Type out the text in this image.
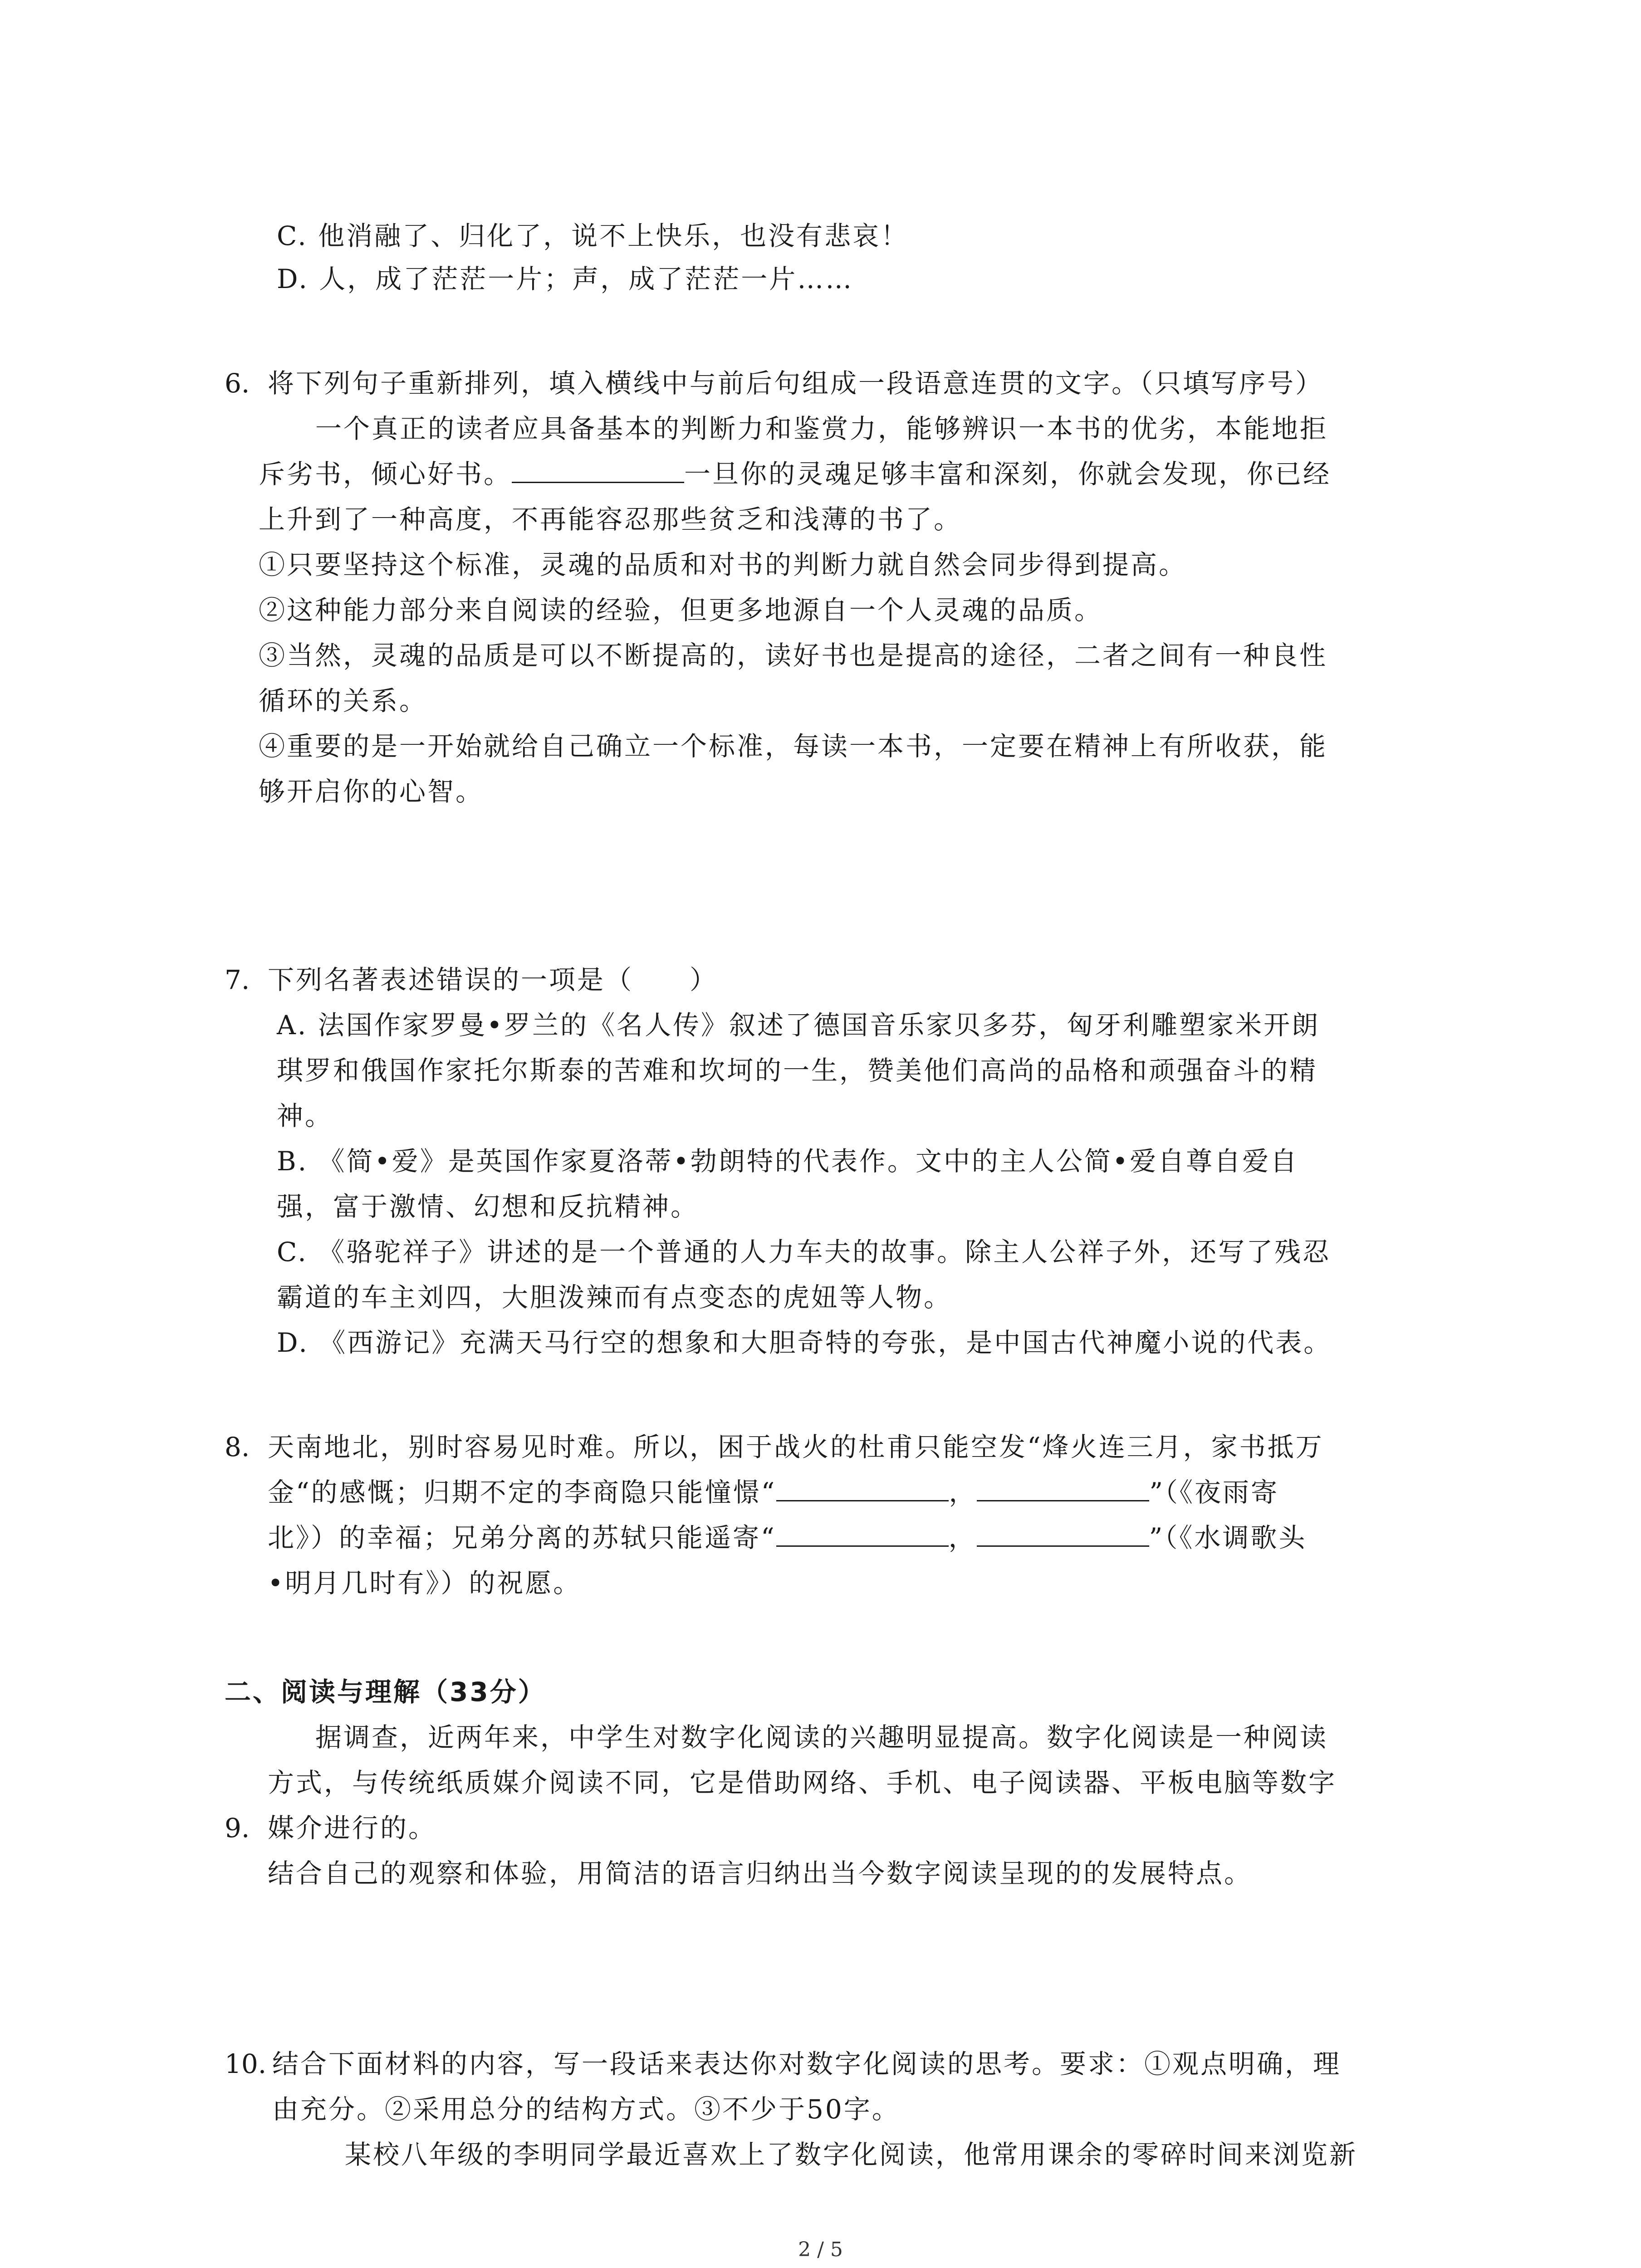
C. 他消融了、归化了，说不上快乐，也没有悲哀！
D. 人，成了茫茫一片；声，成了茫茫一片……
6. 将下列句子重新排列，填入横线中与前后句组成一段语意连贯的文字。（只填写序号）
一个真正的读者应具备基本的判断力和鉴赏力，能够辨识一本书的优劣，本能地拒
斥劣书，倾心好书。	一旦你的灵魂足够丰富和深刻，你就会发现，你已经
上升到了一种高度，不再能容忍那些贫乏和浅薄的书了。
①只要坚持这个标准，灵魂的品质和对书的判断力就自然会同步得到提高。
②这种能力部分来自阅读的经验，但更多地源自一个人灵魂的品质。
③当然，灵魂的品质是可以不断提高的，读好书也是提高的途径，二者之间有一种良性
循环的关系。
④重要的是一开始就给自己确立一个标准，每读一本书，一定要在精神上有所收获，能
够开启你的心智。
7. 下列名著表述错误的一项是（　　）
A. 法国作家罗曼•罗兰的《名人传》叙述了德国音乐家贝多芬，匈牙利雕塑家米开朗
琪罗和俄国作家托尔斯泰的苦难和坎坷的一生，赞美他们高尚的品格和顽强奋斗的精
神。
B. 《简•爱》是英国作家夏洛蒂•勃朗特的代表作。文中的主人公简•爱自尊自爱自
强，富于激情、幻想和反抗精神。
C. 《骆驼祥子》讲述的是一个普通的人力车夫的故事。除主人公祥子外，还写了残忍
霸道的车主刘四，大胆泼辣而有点变态的虎妞等人物。
D. 《西游记》充满天马行空的想象和大胆奇特的夸张，是中国古代神魔小说的代表。
8. 天南地北，别时容易见时难。所以，困于战火的杜甫只能空发“烽火连三月，家书抵万
金“的感慨；归期不定的李商隐只能憧憬“	，	”（《夜雨寄
北》）的幸福；兄弟分离的苏轼只能遥寄“	，	”（《水调歌头
•明月几时有》）的祝愿。
二、阅读与理解（33分）
据调查，近两年来，中学生对数字化阅读的兴趣明显提高。数字化阅读是一种阅读
方式，与传统纸质媒介阅读不同，它是借助网络、手机、电子阅读器、平板电脑等数字
9. 媒介进行的。
结合自己的观察和体验，用简洁的语言归纳出当今数字阅读呈现的的发展特点。
10. 结合下面材料的内容，写一段话来表达你对数字化阅读的思考。要求：①观点明确，理
由充分。②采用总分的结构方式。③不少于50字。
某校八年级的李明同学最近喜欢上了数字化阅读，他常用课余的零碎时间来浏览新
2 / 5
